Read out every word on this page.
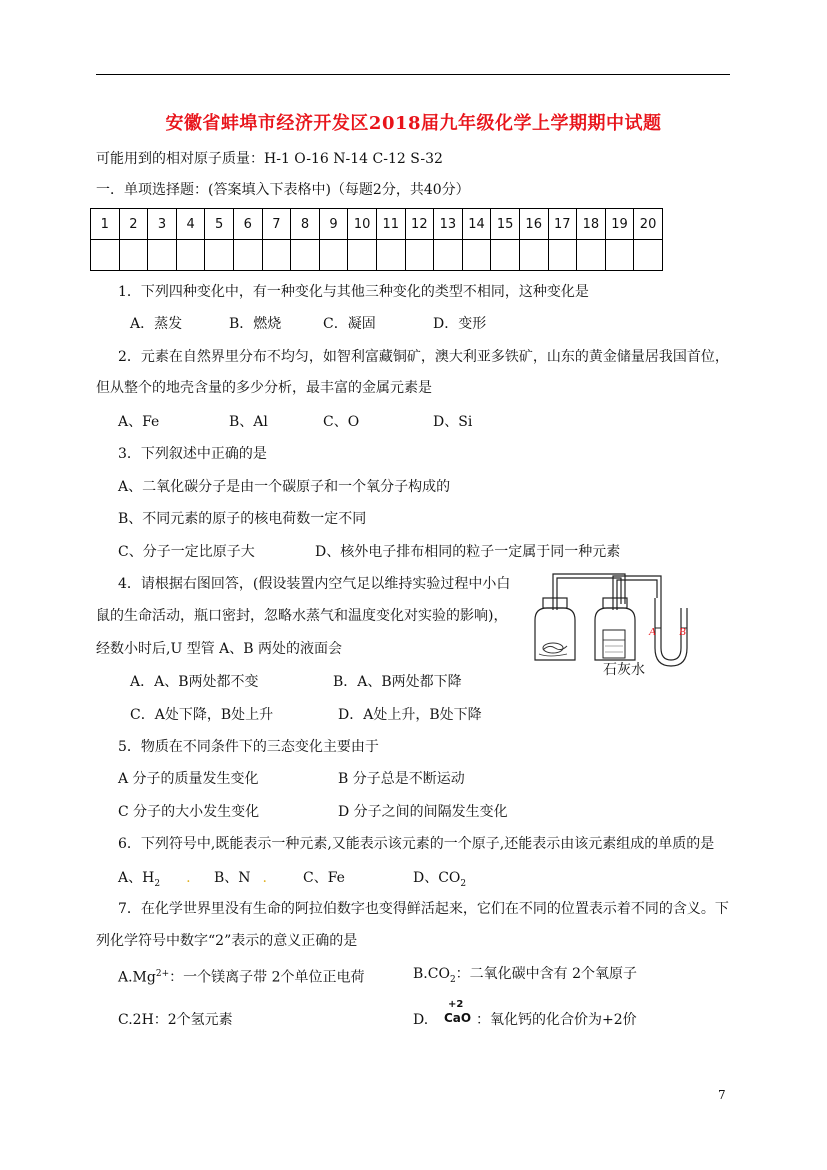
安徽省蚌埠市经济开发区2018届九年级化学上学期期中试题
可能用到的相对原子质量：H-1 O-16 N-14 C-12 S-32
一．单项选择题：(答案填入下表格中)（每题2分，共40分）
1	2	3	4	5	6	7	8	9	10	11	12	13	14	15	16	17	18	19	20

1．下列四种变化中，有一种变化与其他三种变化的类型不相同，这种变化是
A．蒸发	B．燃烧	C．凝固	D．变形
2．元素在自然界里分布不均匀，如智利富藏铜矿，澳大利亚多铁矿，山东的黄金储量居我国首位，
但从整个的地壳含量的多少分析，最丰富的金属元素是
A、Fe	B、Al	C、O	D、Si
3．下列叙述中正确的是
A、二氧化碳分子是由一个碳原子和一个氧分子构成的
B、不同元素的原子的核电荷数一定不同
C、分子一定比原子大	D、核外电子排布相同的粒子一定属于同一种元素
4．请根据右图回答，(假设装置内空气足以维持实验过程中小白
鼠的生命活动，瓶口密封，忽略水蒸气和温度变化对实验的影响)，
经数小时后,U 型管 A、B 两处的液面会
A．A、B两处都不变	B．A、B两处都下降
C．A处下降，B处上升	D．A处上升，B处下降
A B
石灰水
5．物质在不同条件下的三态变化主要由于
A 分子的质量发生变化	B 分子总是不断运动
C 分子的大小发生变化	D 分子之间的间隔发生变化
6．下列符号中,既能表示一种元素,又能表示该元素的一个原子,还能表示由该元素组成的单质的是
A、$H_2$ . B、N .	C、Fe	D、$CO_2$
7．在化学世界里没有生命的阿拉伯数字也变得鲜活起来，它们在不同的位置表示着不同的含义。下
列化学符号中数字“2”表示的意义正确的是
$A.Mg^{2+}$：一个镁离子带 2个单位正电荷	$B.CO_2$：二氧化碳中含有 2个氧原子
C.2H：2个氢元素	D.
+2
CaO ：氧化钙的化合价为+2价
7
